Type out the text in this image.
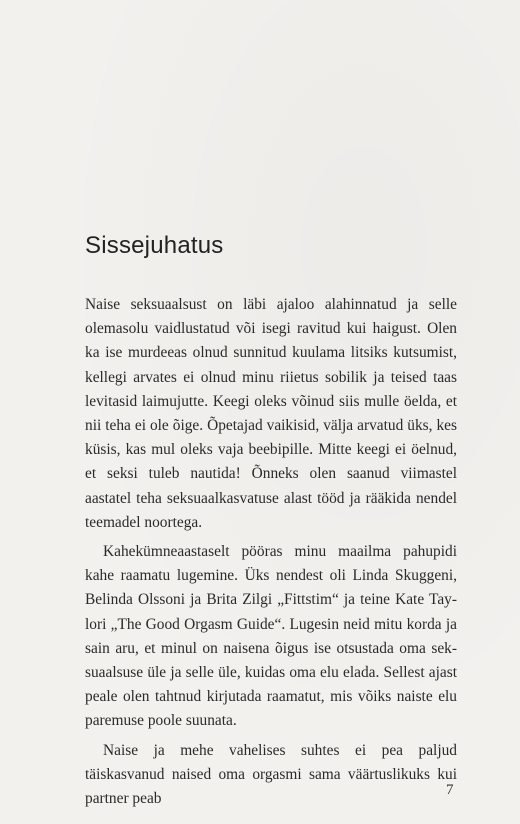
Sissejuhatus

Naise seksuaalsust on läbi ajaloo alahinnatud ja selle olemasolu vaidlustatud või isegi ravitud kui haigust. Olen ka ise murdeeas olnud sunnitud kuulama litsiks kutsumist, kellegi arvates ei olnud minu riietus sobilik ja teised taas levitasid laimujutte. Keegi oleks võinud siis mulle öelda, et nii teha ei ole õige. Õpetajad vaikisid, välja arvatud üks, kes küsis, kas mul oleks vaja beebipille. Mitte keegi ei öelnud, et seksi tuleb nautida! Õnneks olen saanud viimastel aastatel teha seksuaalkasvatuse alast tööd ja rääkida nendel teemadel noortega.

Kahekümneaastaselt pööras minu maailma pahupidi kahe raamatu lugemine. Üks nendest oli Linda Skuggeni, Belinda Olssoni ja Brita Zilgi „Fittstim“ ja teine Kate Taylori „The Good Orgasm Guide“. Lugesin neid mitu korda ja sain aru, et minul on naisena õigus ise otsustada oma seksuaalsuse üle ja selle üle, kuidas oma elu elada. Sellest ajast peale olen tahtnud kirjutada raamatut, mis võiks naiste elu paremuse poole suunata.

Naise ja mehe vahelises suhtes ei pea paljud täiskasvanud naised oma orgasmi sama väärtuslikuks kui partner peab

7
